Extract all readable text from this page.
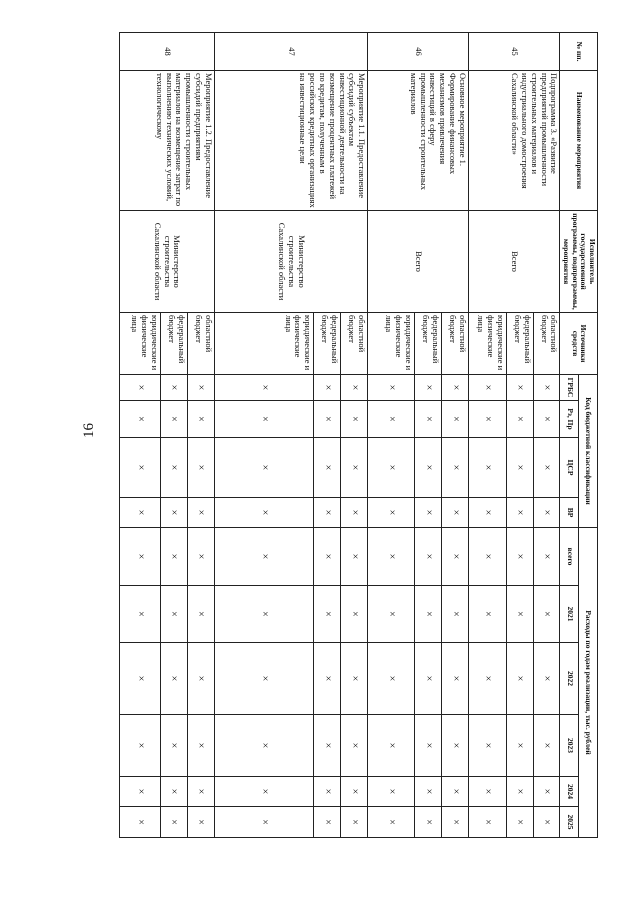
16
№ пп.	Наименование мероприятия	Исполнитель государственной программы, подпрограммы, мероприятия	Источники средств	Код бюджетной классификации				Расходы по годам реализации, тыс. рублей					
				ГРБС	Рз, Пр	ЦСР	ВР	всего	2021	2022	2023	2024	2025
45	Подпрограмма 3. «Развитие предприятий промышленности строительных материалов и индустриального домостроения Сахалинской области»	Всего	областной бюджет	×	×	×	×	×	×	×	×	×	×
			федеральный бюджет	×	×	×	×	×	×	×	×	×	×
			юридические и физические лица	×	×	×	×	×	×	×	×	×	×
46	Основное мероприятие 1. Формирование финансовых механизмов привлечения инвестиций в сферу промышленности строительных материалов	Всего	областной бюджет	×	×	×	×	×	×	×	×	×	×
			федеральный бюджет	×	×	×	×	×	×	×	×	×	×
			юридические и физические лица	×	×	×	×	×	×	×	×	×	×
47	Мероприятие 1.1. Предоставление субсидий субъектам инвестиционной деятельности на возмещение процентных платежей по кредитам, полученным в российских кредитных организациях на инвестиционные цели	Министерство строительства Сахалинской области	областной бюджет	×	×	×	×	×	×	×	×	×	×
			федеральный бюджет	×	×	×	×	×	×	×	×	×	×
			юридические и физические лица	×	×	×	×	×	×	×	×	×	×
48	Мероприятие 1.2. Предоставление субсидий предприятиям промышленности строительных материалов на возмещение затрат по выполнению технических условий, технологическому	Министерство строительства Сахалинской области	областной бюджет	×	×	×	×	×	×	×	×	×	×
			федеральный бюджет	×	×	×	×	×	×	×	×	×	×
			юридические и физические лица	×	×	×	×	×	×	×	×	×	×
